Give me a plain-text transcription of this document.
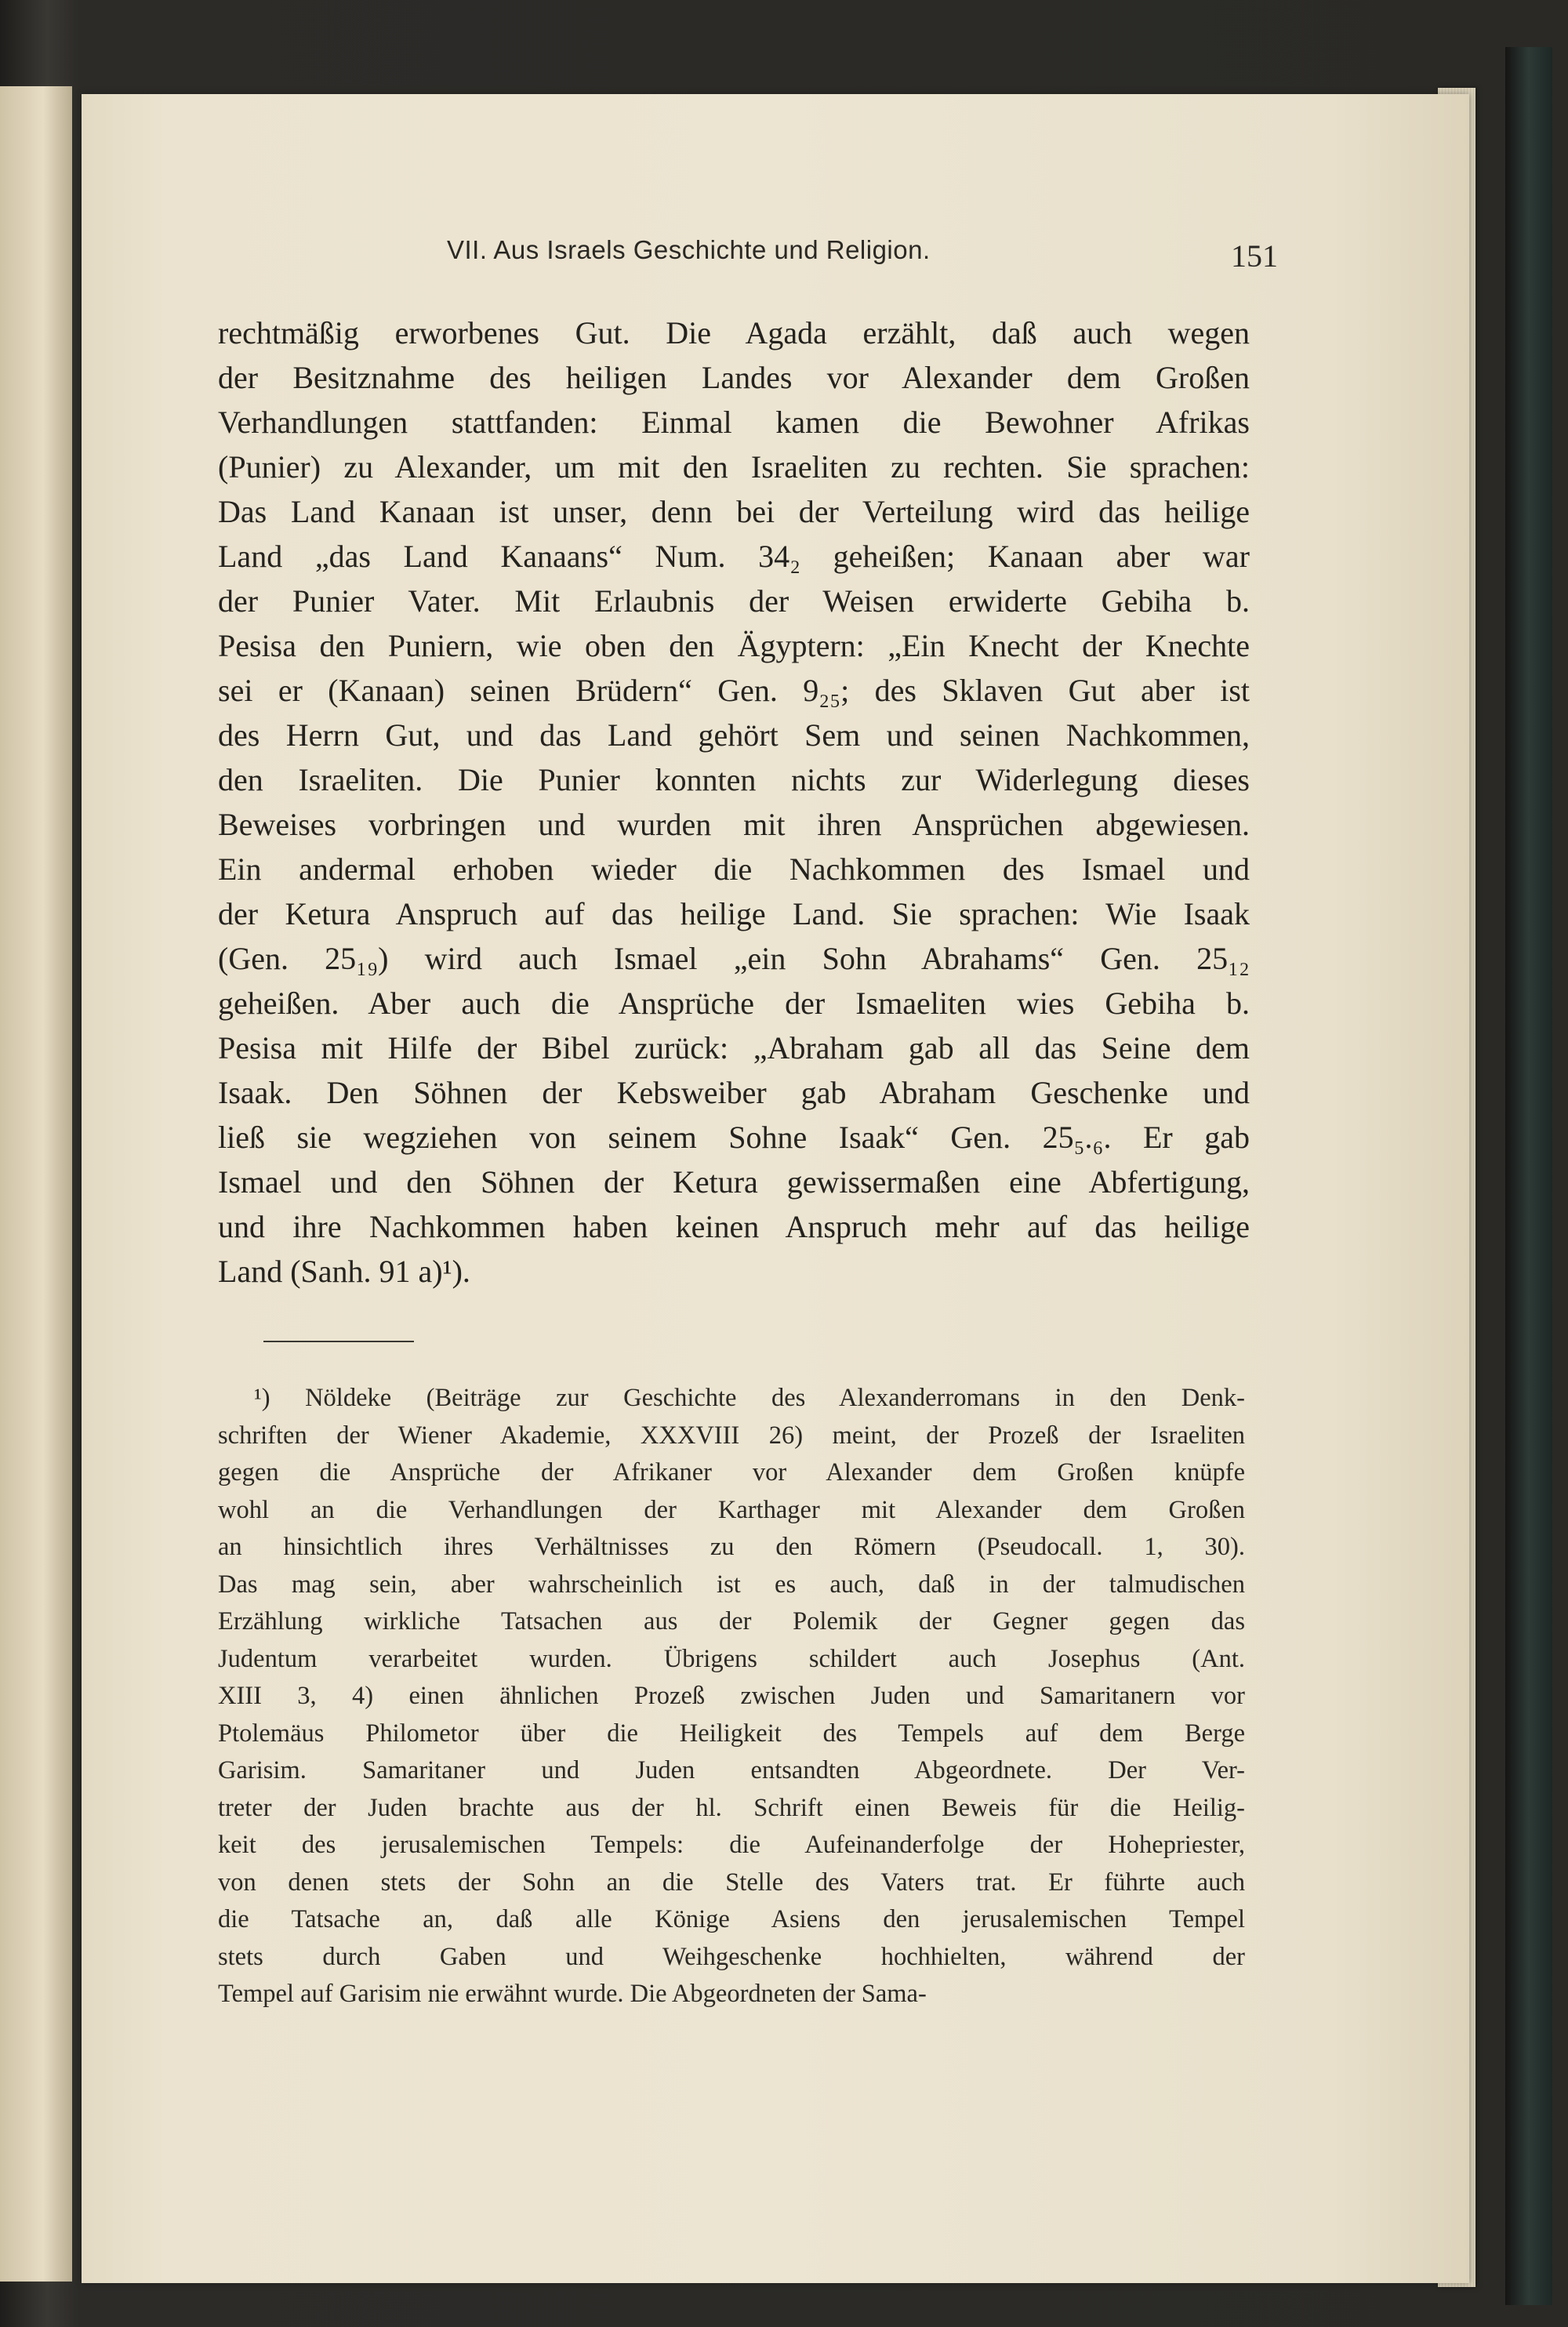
VII. Aus Israels Geschichte und Religion.	151
rechtmäßig erworbenes Gut. Die Agada erzählt, daß auch wegen
der Besitznahme des heiligen Landes vor Alexander dem Großen
Verhandlungen stattfanden: Einmal kamen die Bewohner Afrikas
(Punier) zu Alexander, um mit den Israeliten zu rechten. Sie sprachen:
Das Land Kanaan ist unser, denn bei der Verteilung wird das heilige
Land „das Land Kanaans“ Num. 34₂ geheißen; Kanaan aber war
der Punier Vater. Mit Erlaubnis der Weisen erwiderte Gebiha b.
Pesisa den Puniern, wie oben den Ägyptern: „Ein Knecht der Knechte
sei er (Kanaan) seinen Brüdern“ Gen. 9₂₅; des Sklaven Gut aber ist
des Herrn Gut, und das Land gehört Sem und seinen Nachkommen,
den Israeliten. Die Punier konnten nichts zur Widerlegung dieses
Beweises vorbringen und wurden mit ihren Ansprüchen abgewiesen.
Ein andermal erhoben wieder die Nachkommen des Ismael und
der Ketura Anspruch auf das heilige Land. Sie sprachen: Wie Isaak
(Gen. 25₁₉) wird auch Ismael „ein Sohn Abrahams“ Gen. 25₁₂
geheißen. Aber auch die Ansprüche der Ismaeliten wies Gebiha b.
Pesisa mit Hilfe der Bibel zurück: „Abraham gab all das Seine dem
Isaak. Den Söhnen der Kebsweiber gab Abraham Geschenke und
ließ sie wegziehen von seinem Sohne Isaak“ Gen. 25₅.₆. Er gab
Ismael und den Söhnen der Ketura gewissermaßen eine Abfertigung,
und ihre Nachkommen haben keinen Anspruch mehr auf das heilige
Land (Sanh. 91 a)¹).
¹) Nöldeke (Beiträge zur Geschichte des Alexanderromans in den Denk-
schriften der Wiener Akademie, XXXVIII 26) meint, der Prozeß der Israeliten
gegen die Ansprüche der Afrikaner vor Alexander dem Großen knüpfe
wohl an die Verhandlungen der Karthager mit Alexander dem Großen
an hinsichtlich ihres Verhältnisses zu den Römern (Pseudocall. 1, 30).
Das mag sein, aber wahrscheinlich ist es auch, daß in der talmudischen
Erzählung wirkliche Tatsachen aus der Polemik der Gegner gegen das
Judentum verarbeitet wurden. Übrigens schildert auch Josephus (Ant.
XIII 3, 4) einen ähnlichen Prozeß zwischen Juden und Samaritanern vor
Ptolemäus Philometor über die Heiligkeit des Tempels auf dem Berge
Garisim. Samaritaner und Juden entsandten Abgeordnete. Der Ver-
treter der Juden brachte aus der hl. Schrift einen Beweis für die Heilig-
keit des jerusalemischen Tempels: die Aufeinanderfolge der Hohepriester,
von denen stets der Sohn an die Stelle des Vaters trat. Er führte auch
die Tatsache an, daß alle Könige Asiens den jerusalemischen Tempel
stets durch Gaben und Weihgeschenke hochhielten, während der
Tempel auf Garisim nie erwähnt wurde. Die Abgeordneten der Sama-
